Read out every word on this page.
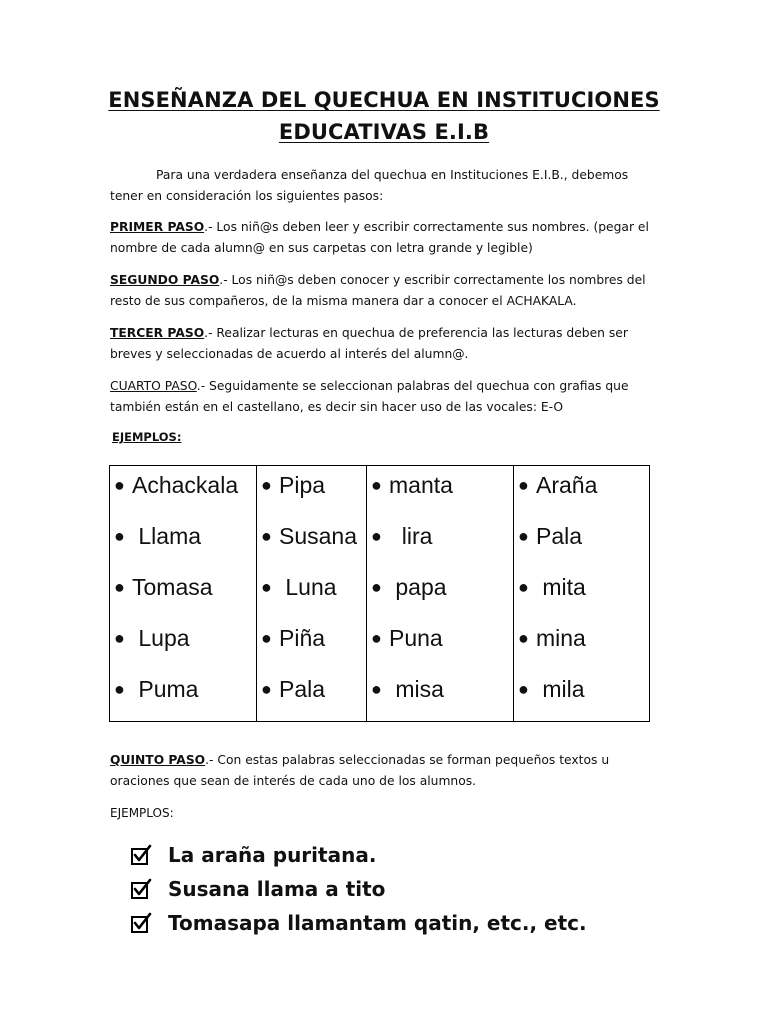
ENSEÑANZA DEL QUECHUA EN INSTITUCIONES
EDUCATIVAS E.I.B
Para una verdadera enseñanza del quechua en Instituciones E.I.B., debemos tener en consideración los siguientes pasos:
PRIMER PASO.- Los niñ@s deben leer y escribir correctamente sus nombres. (pegar el nombre de cada alumn@ en sus carpetas con letra grande y legible)
SEGUNDO PASO.- Los niñ@s deben conocer y escribir correctamente los nombres del resto de sus compañeros, de la misma manera dar a conocer el ACHAKALA.
TERCER PASO.- Realizar lecturas en quechua de preferencia las lecturas deben ser breves y seleccionadas de acuerdo al interés del alumn@.
CUARTO PASO.- Seguidamente se seleccionan palabras del quechua con grafias que también están en el castellano, es decir sin hacer uso de las vocales: E-O
EJEMPLOS:
● Achackala
● Llama
● Tomasa
● Lupa
● Puma
● Pipa
● Susana
● Luna
● Piña
● Pala
● manta
●  lira
● papa
● Puna
● misa
● Araña
● Pala
● mita
● mina
● mila
QUINTO PASO.- Con estas palabras seleccionadas se forman pequeños textos u oraciones que sean de interés de cada uno de los alumnos.
EJEMPLOS:
La araña puritana.
Susana llama a tito
Tomasapa llamantam qatin, etc., etc.
